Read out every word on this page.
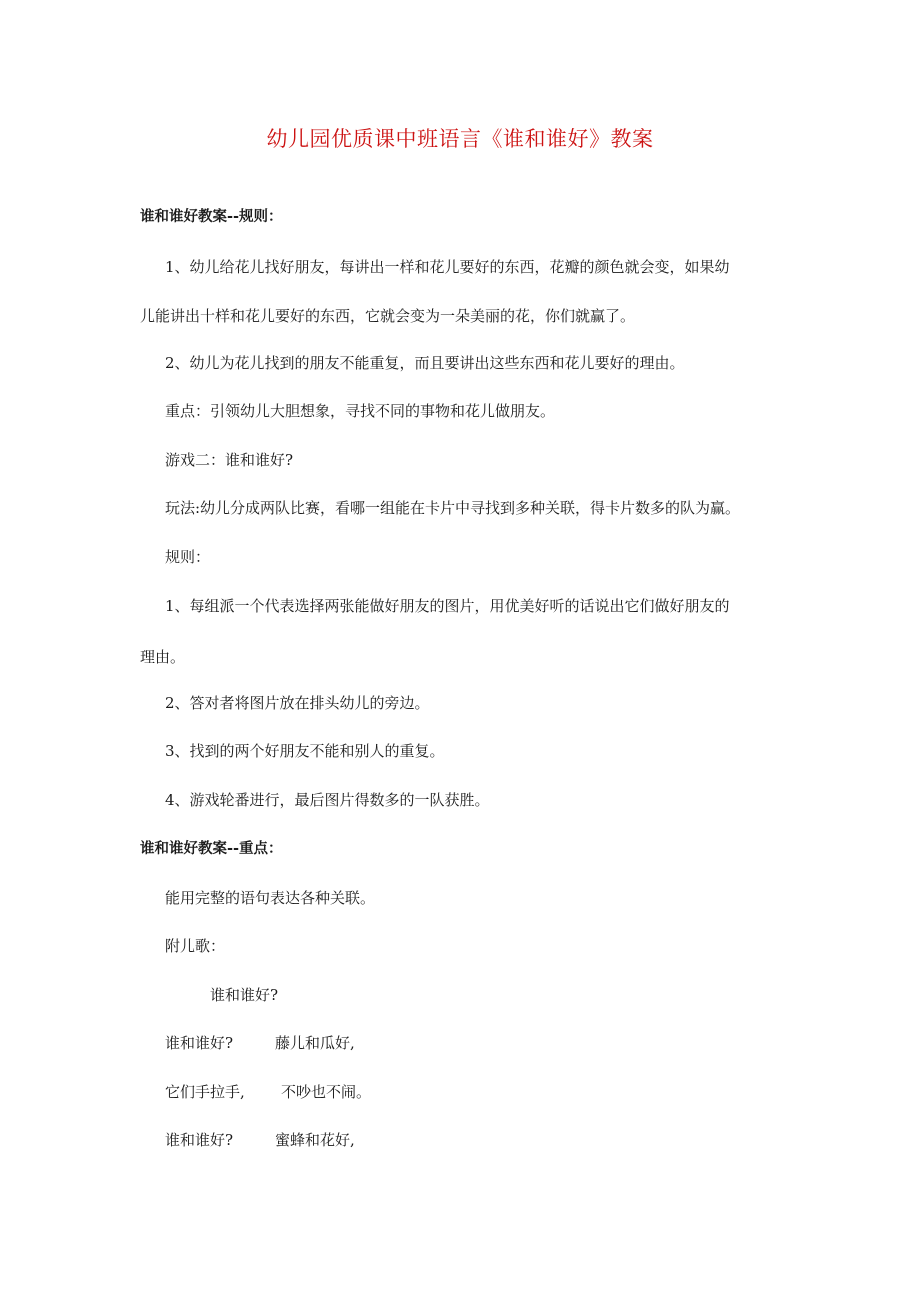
幼儿园优质课中班语言《谁和谁好》教案
谁和谁好教案--规则：
1、幼儿给花儿找好朋友，每讲出一样和花儿要好的东西，花瓣的颜色就会变，如果幼
儿能讲出十样和花儿要好的东西，它就会变为一朵美丽的花，你们就赢了。
2、幼儿为花儿找到的朋友不能重复，而且要讲出这些东西和花儿要好的理由。
重点：引领幼儿大胆想象，寻找不同的事物和花儿做朋友。
游戏二：谁和谁好?
玩法:幼儿分成两队比赛，看哪一组能在卡片中寻找到多种关联，得卡片数多的队为赢。
规则：
1、每组派一个代表选择两张能做好朋友的图片，用优美好听的话说出它们做好朋友的
理由。
2、答对者将图片放在排头幼儿的旁边。
3、找到的两个好朋友不能和别人的重复。
4、游戏轮番进行，最后图片得数多的一队获胜。
谁和谁好教案--重点：
能用完整的语句表达各种关联。
附儿歌：
谁和谁好?
谁和谁好?	藤儿和瓜好,
它们手拉手, 不吵也不闹。
谁和谁好?	蜜蜂和花好,
